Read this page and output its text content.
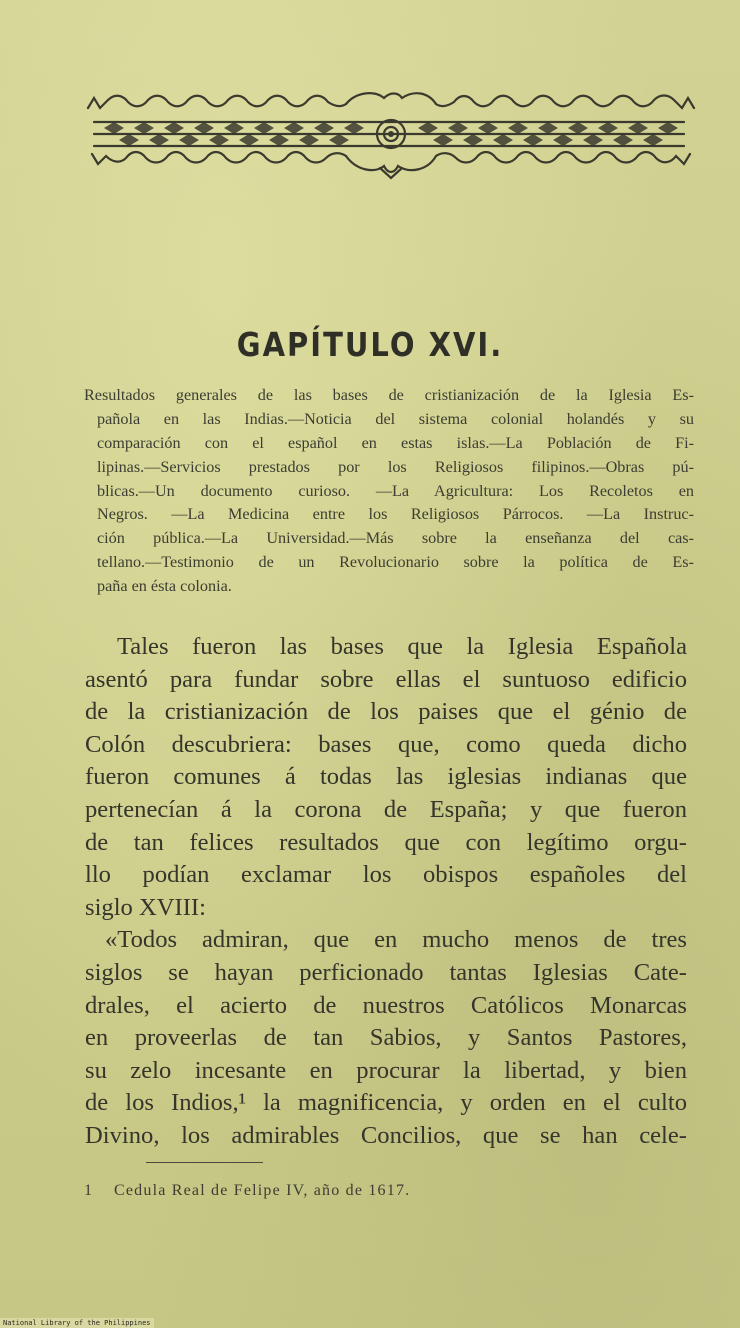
GAPÍTULO XVI.
Resultados generales de las bases de cristianización de la Iglesia Es-
pañola en las Indias.—Noticia del sistema colonial holandés y su
comparación con el español en estas islas.—La Población de Fi-
lipinas.—Servicios prestados por los Religiosos filipinos.—Obras pú-
blicas.—Un documento curioso. —La Agricultura: Los Recoletos en
Negros. —La Medicina entre los Religiosos Párrocos. —La Instruc-
ción pública.—La Universidad.—Más sobre la enseñanza del cas-
tellano.—Testimonio de un Revolucionario sobre la política de Es-
paña en ésta colonia.
Tales fueron las bases que la Iglesia Española
asentó para fundar sobre ellas el suntuoso edificio
de la cristianización de los paises que el génio de
Colón descubriera: bases que, como queda dicho
fueron comunes á todas las iglesias indianas que
pertenecían á la corona de España; y que fueron
de tan felices resultados que con legítimo orgu-
llo podían exclamar los obispos españoles del
siglo XVIII:
«Todos admiran, que en mucho menos de tres
siglos se hayan perficionado tantas Iglesias Cate-
drales, el acierto de nuestros Católicos Monarcas
en proveerlas de tan Sabios, y Santos Pastores,
su zelo incesante en procurar la libertad, y bien
de los Indios,¹ la magnificencia, y orden en el culto
Divino, los admirables Concilios, que se han cele-
1 Cedula Real de Felipe IV, año de 1617.
National Library of the Philippines
